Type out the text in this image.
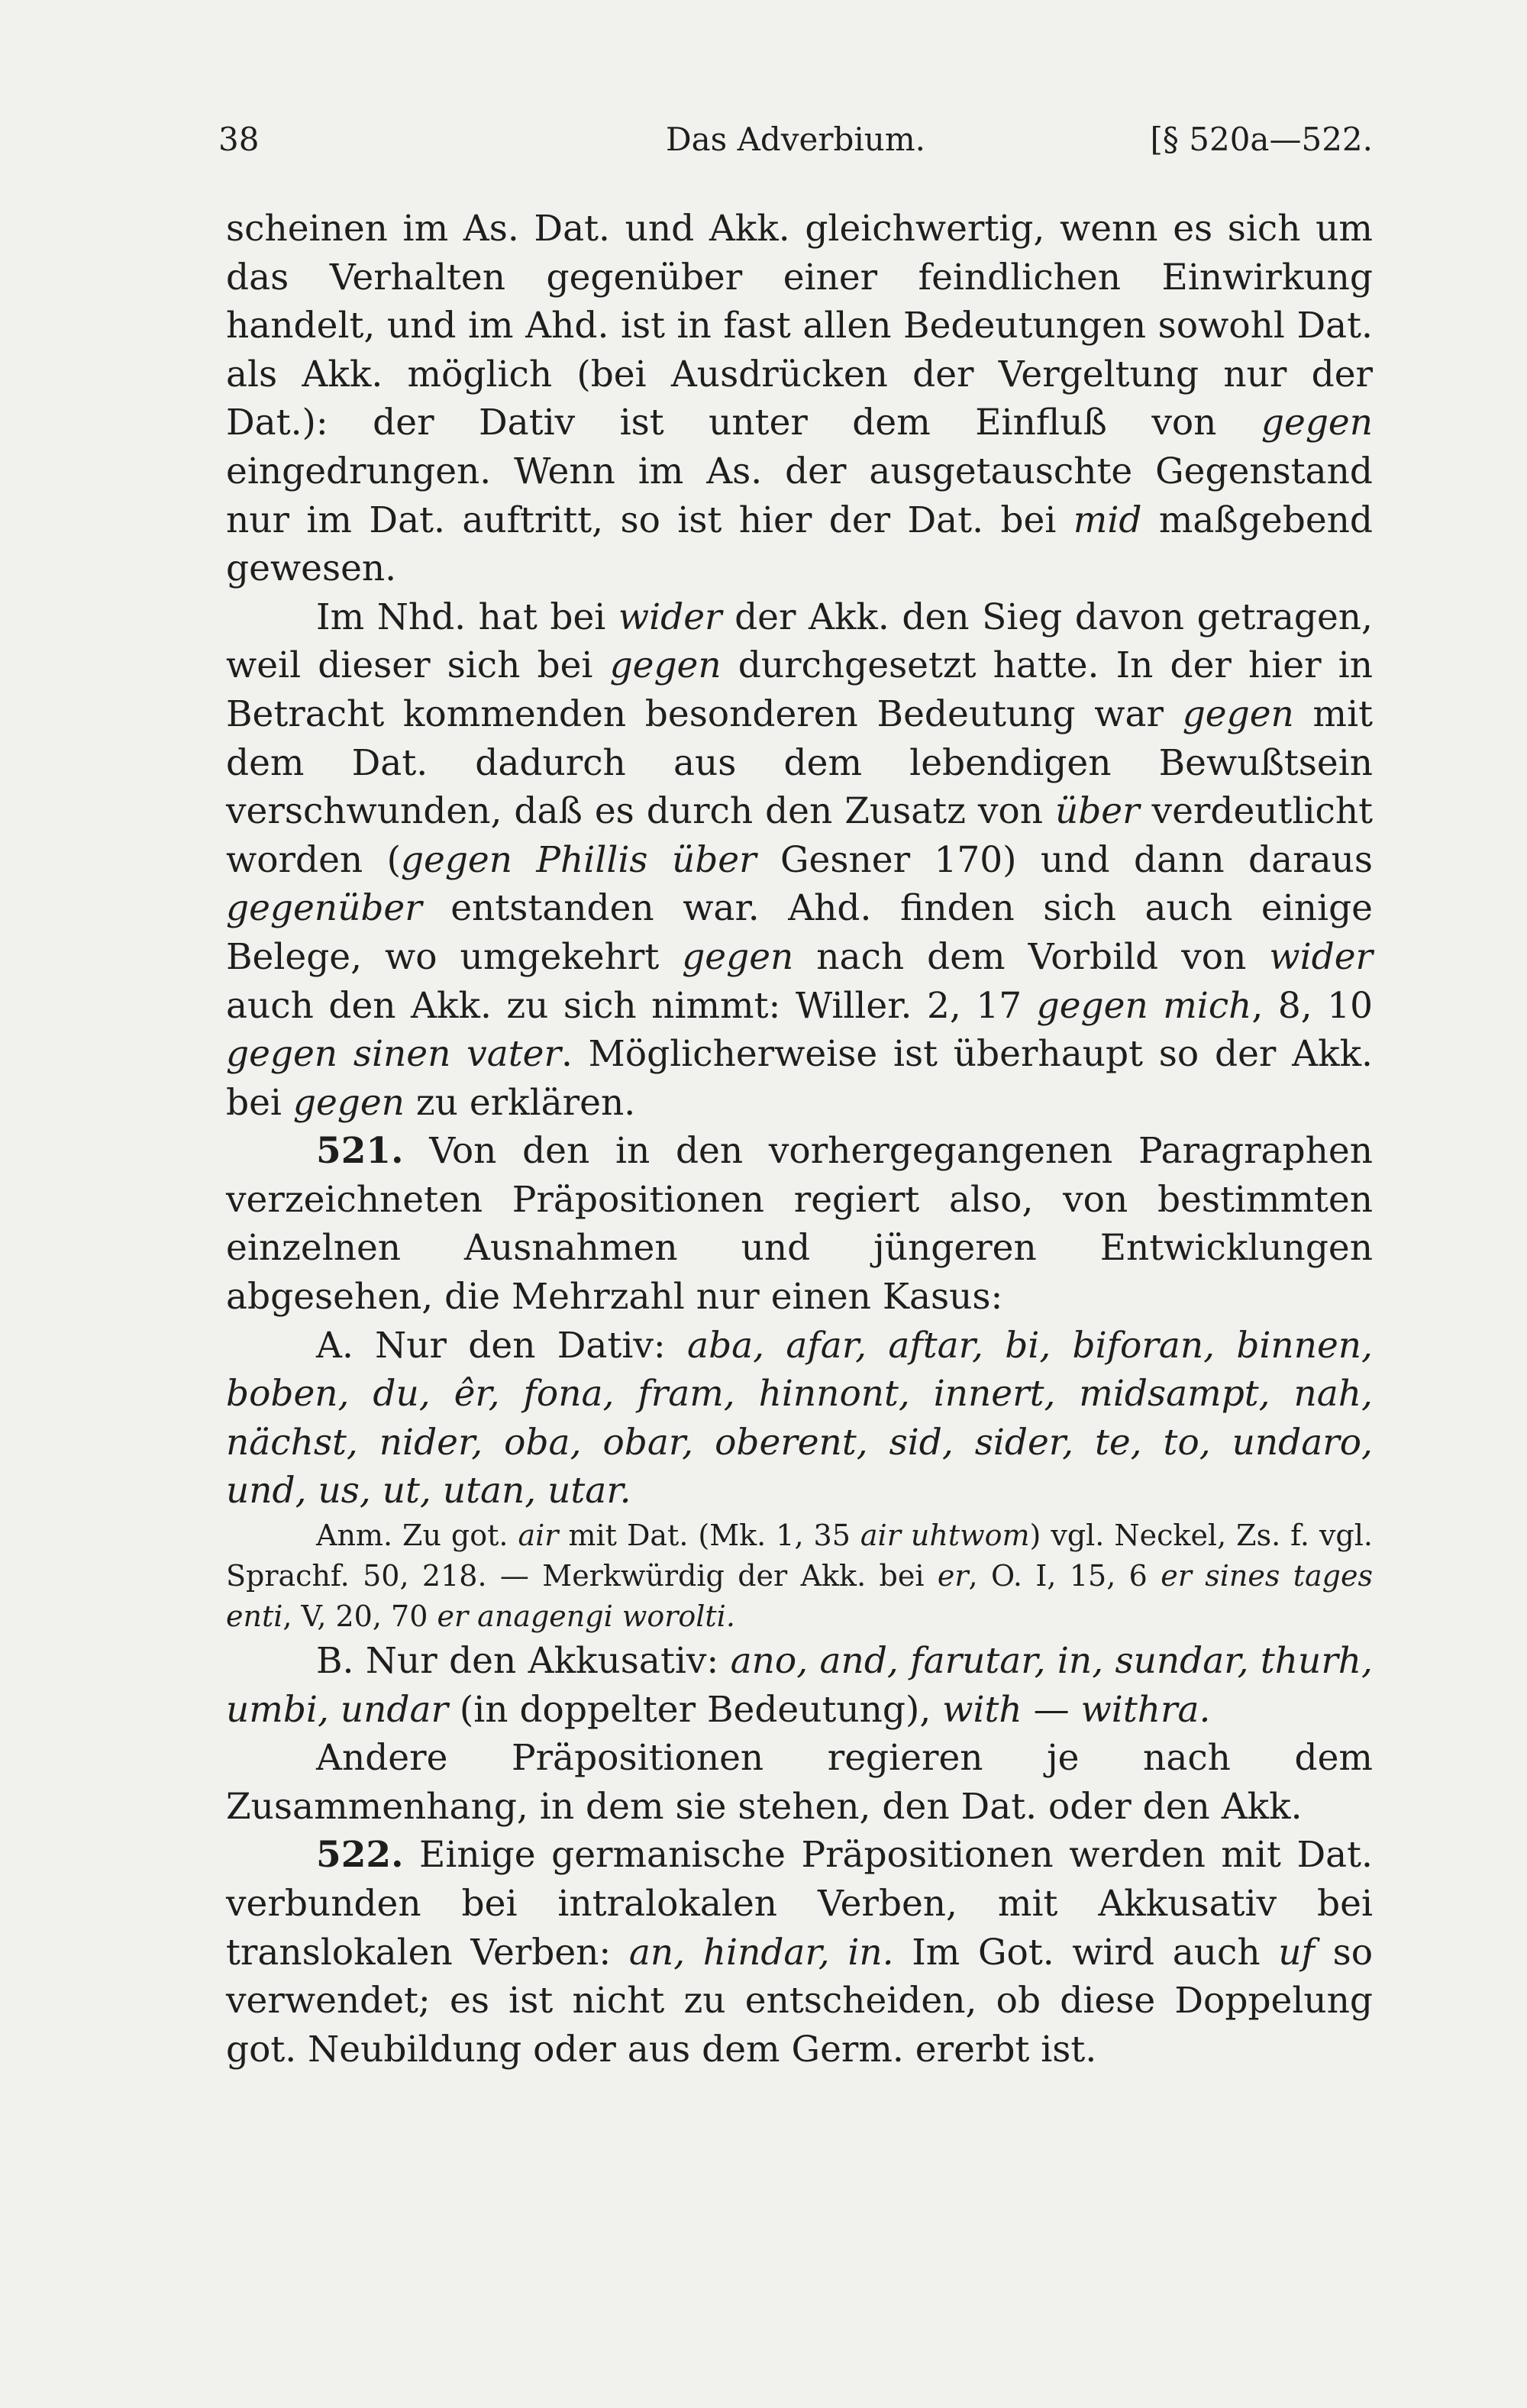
38	Das Adverbium.	[§ 520a—522.

scheinen im As. Dat. und Akk. gleichwertig, wenn es sich um das Verhalten gegenüber einer feindlichen Einwirkung handelt, und im Ahd. ist in fast allen Bedeutungen sowohl Dat. als Akk. möglich (bei Ausdrücken der Vergeltung nur der Dat.): der Dativ ist unter dem Einfluß von gegen eingedrungen. Wenn im As. der ausgetauschte Gegenstand nur im Dat. auftritt, so ist hier der Dat. bei mid maßgebend gewesen.

Im Nhd. hat bei wider der Akk. den Sieg davon getragen, weil dieser sich bei gegen durchgesetzt hatte. In der hier in Betracht kommenden besonderen Bedeutung war gegen mit dem Dat. dadurch aus dem lebendigen Bewußtsein verschwunden, daß es durch den Zusatz von über verdeutlicht worden (gegen Phillis über Gesner 170) und dann daraus gegenüber entstanden war. Ahd. finden sich auch einige Belege, wo umgekehrt gegen nach dem Vorbild von wider auch den Akk. zu sich nimmt: Willer. 2, 17 gegen mich, 8, 10 gegen sinen vater. Möglicherweise ist überhaupt so der Akk. bei gegen zu erklären.

521. Von den in den vorhergegangenen Paragraphen verzeichneten Präpositionen regiert also, von bestimmten einzelnen Ausnahmen und jüngeren Entwicklungen abgesehen, die Mehrzahl nur einen Kasus:

A. Nur den Dativ: aba, afar, aftar, bi, biforan, binnen, boben, du, êr, fona, fram, hinnont, innert, midsampt, nah, nächst, nider, oba, obar, oberent, sid, sider, te, to, undaro, und, us, ut, utan, utar.

Anm. Zu got. air mit Dat. (Mk. 1, 35 air uhtwom) vgl. Neckel, Zs. f. vgl. Sprachf. 50, 218. — Merkwürdig der Akk. bei er, O. I, 15, 6 er sines tages enti, V, 20, 70 er anagengi worolti.

B. Nur den Akkusativ: ano, and, farutar, in, sundar, thurh, umbi, undar (in doppelter Bedeutung), with — withra.

Andere Präpositionen regieren je nach dem Zusammenhang, in dem sie stehen, den Dat. oder den Akk.

522. Einige germanische Präpositionen werden mit Dat. verbunden bei intralokalen Verben, mit Akkusativ bei translokalen Verben: an, hindar, in. Im Got. wird auch uf so verwendet; es ist nicht zu entscheiden, ob diese Doppelung got. Neubildung oder aus dem Germ. ererbt ist.
